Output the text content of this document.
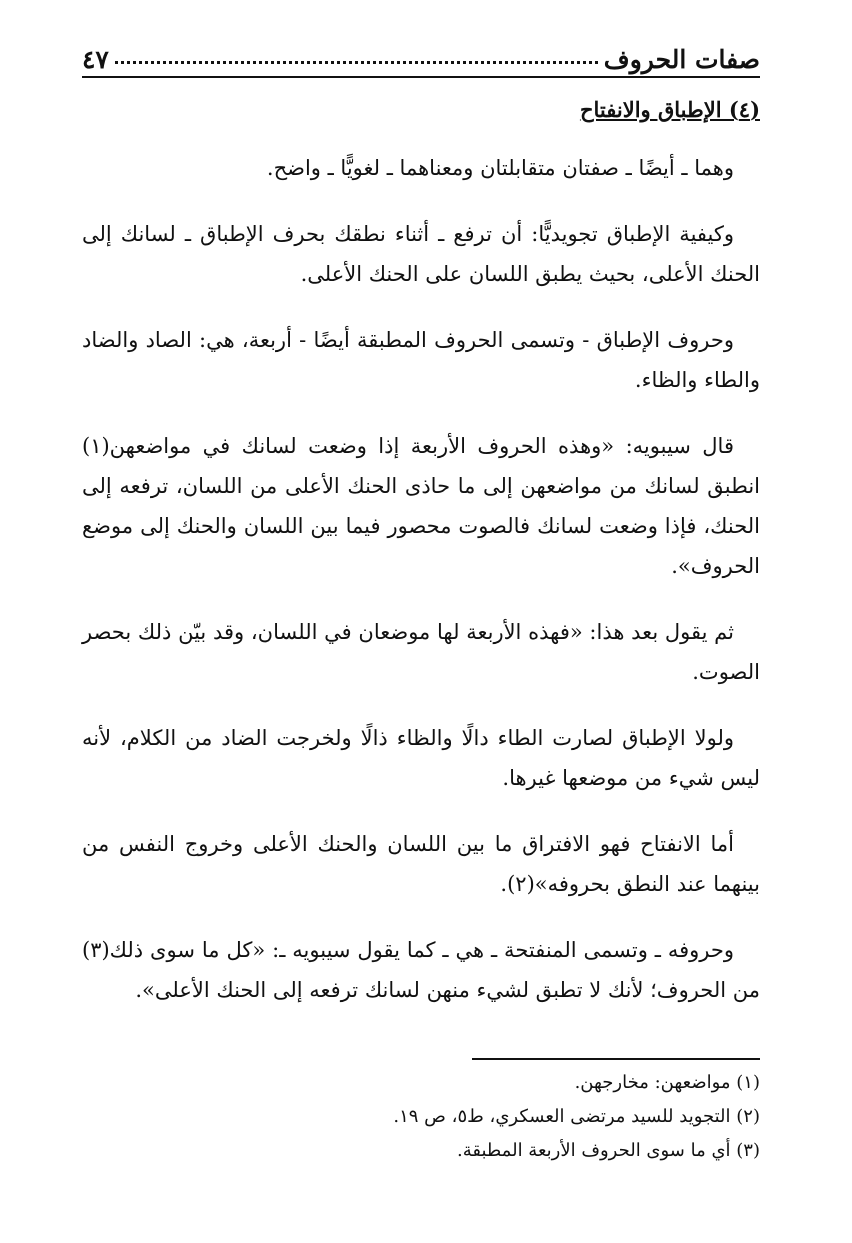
صفات الحروف
٤٧
(٤) الإطباق والانفتاح

وهما ـ أيضًا ـ صفتان متقابلتان ومعناهما ـ لغويًّا ـ واضح.

وكيفية الإطباق تجويديًّا: أن ترفع ـ أثناء نطقك بحرف الإطباق ـ لسانك إلى الحنك الأعلى، بحيث يطبق اللسان على الحنك الأعلى.

وحروف الإطباق - وتسمى الحروف المطبقة أيضًا - أربعة، هي: الصاد والضاد والطاء والظاء.

قال سيبويه: «وهذه الحروف الأربعة إذا وضعت لسانك في مواضعهن(١) انطبق لسانك من مواضعهن إلى ما حاذى الحنك الأعلى من اللسان، ترفعه إلى الحنك، فإذا وضعت لسانك فالصوت محصور فيما بين اللسان والحنك إلى موضع الحروف».

ثم يقول بعد هذا: «فهذه الأربعة لها موضعان في اللسان، وقد بيّن ذلك بحصر الصوت.

ولولا الإطباق لصارت الطاء دالًا والظاء ذالًا ولخرجت الضاد من الكلام، لأنه ليس شيء من موضعها غيرها.

أما الانفتاح فهو الافتراق ما بين اللسان والحنك الأعلى وخروج النفس من بينهما عند النطق بحروفه»(٢).

وحروفه ـ وتسمى المنفتحة ـ هي ـ كما يقول سيبويه ـ: «كل ما سوى ذلك(٣) من الحروف؛ لأنك لا تطبق لشيء منهن لسانك ترفعه إلى الحنك الأعلى».

(١) مواضعهن: مخارجهن.

(٢) التجويد للسيد مرتضى العسكري، ط٥، ص ١٩.

(٣) أي ما سوى الحروف الأربعة المطبقة.
